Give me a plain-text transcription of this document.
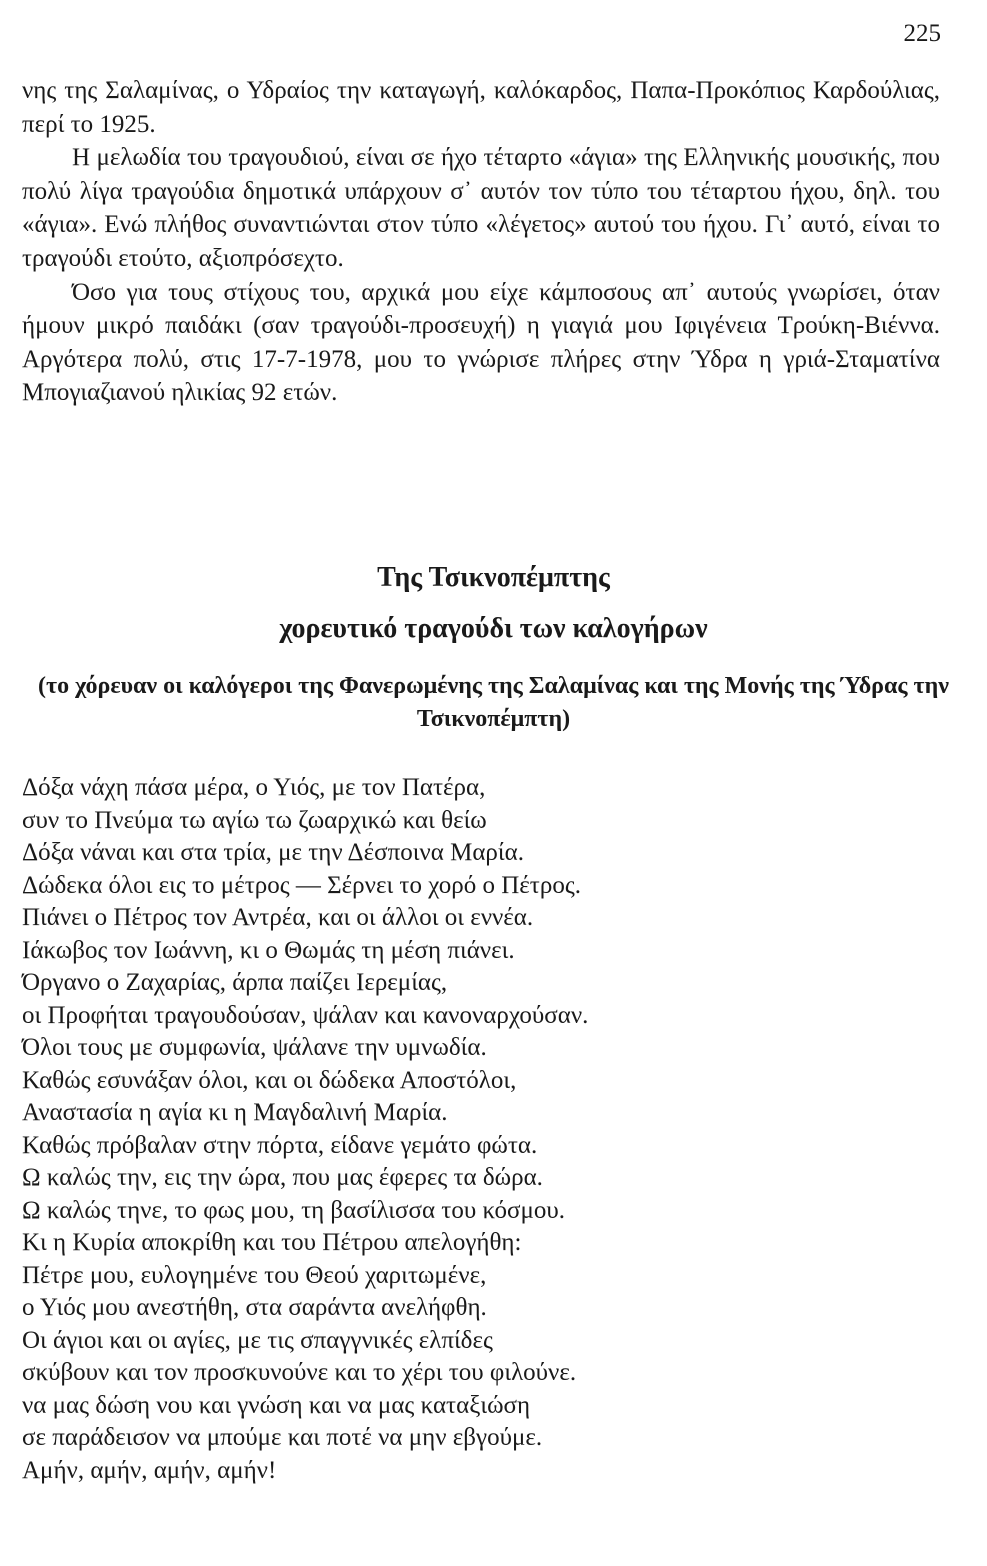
225

νης της Σαλαμίνας, ο Υδραίος την καταγωγή, καλόκαρδος, Παπα-Προκόπιος Καρδούλιας, περί το 1925.

Η μελωδία του τραγουδιού, είναι σε ήχο τέταρτο «άγια» της Ελληνικής μουσικής, που πολύ λίγα τραγούδια δημοτικά υπάρχουν σ᾽ αυτόν τον τύπο του τέταρτου ήχου, δηλ. του «άγια». Ενώ πλήθος συναντιώνται στον τύπο «λέγετος» αυτού του ήχου. Γι᾽ αυτό, είναι το τραγούδι ετούτο, αξιοπρόσεχτο.

Όσο για τους στίχους του, αρχικά μου είχε κάμποσους απ᾽ αυτούς γνωρίσει, όταν ήμουν μικρό παιδάκι (σαν τραγούδι-προσευχή) η γιαγιά μου Ιφιγένεια Τρούκη-Βιέννα. Αργότερα πολύ, στις 17-7-1978, μου το γνώρισε πλήρες στην Ύδρα η γριά-Σταματίνα Μπογιαζιανού ηλικίας 92 ετών.

Της Τσικνοπέμπτης
χορευτικό τραγούδι των καλογήρων
(το χόρευαν οι καλόγεροι της Φανερωμένης της Σαλαμίνας και της Μονής της Ύδρας την Τσικνοπέμπτη)
Δόξα νάχη πάσα μέρα, ο Υιός, με τον Πατέρα,
συν το Πνεύμα τω αγίω τω ζωαρχικώ και θείω
Δόξα νάναι και στα τρία, με την Δέσποινα Μαρία.
Δώδεκα όλοι εις το μέτρος — Σέρνει το χορό ο Πέτρος.
Πιάνει ο Πέτρος τον Αντρέα, και οι άλλοι οι εννέα.
Ιάκωβος τον Ιωάννη, κι ο Θωμάς τη μέση πιάνει.
Όργανο ο Ζαχαρίας, άρπα παίζει Ιερεμίας,
οι Προφήται τραγουδούσαν, ψάλαν και κανοναρχούσαν.
Όλοι τους με συμφωνία, ψάλανε την υμνωδία.
Καθώς εσυνάξαν όλοι, και οι δώδεκα Αποστόλοι,
Αναστασία η αγία κι η Μαγδαλινή Μαρία.
Καθώς πρόβαλαν στην πόρτα, είδανε γεμάτο φώτα.
Ω καλώς την, εις την ώρα, που μας έφερες τα δώρα.
Ω καλώς τηνε, το φως μου, τη βασίλισσα του κόσμου.
Κι η Κυρία αποκρίθη και του Πέτρου απελογήθη:
Πέτρε μου, ευλογημένε του Θεού χαριτωμένε,
ο Υιός μου ανεστήθη, στα σαράντα ανελήφθη.
Οι άγιοι και οι αγίες, με τις σπαγγνικές ελπίδες
σκύβουν και τον προσκυνούνε και το χέρι του φιλούνε.
να μας δώση νου και γνώση και να μας καταξιώση
σε παράδεισον να μπούμε και ποτέ να μην εβγούμε.
Αμήν, αμήν, αμήν, αμήν!
